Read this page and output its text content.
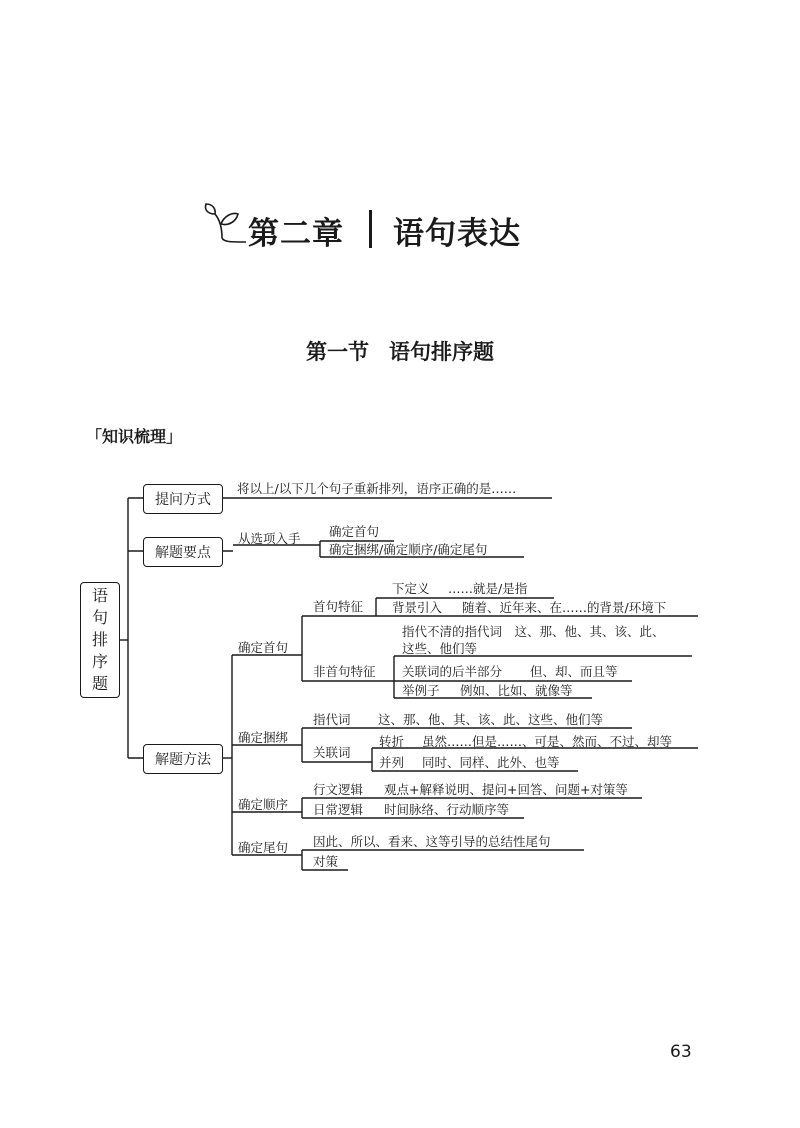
第二章 语句表达
第一节 语句排序题
「知识梳理」
语
句
排
序
题
提问方式
解题要点
解题方法
将以上/以下几个句子重新排列，语序正确的是……
从选项入手 确定首句
确定捆绑/确定顺序/确定尾句
确定首句
确定捆绑
确定顺序
确定尾句
首句特征
下定义 ……就是/是指
背景引入 随着、近年来、在……的背景/环境下
非首句特征
指代不清的指代词　这、那、他、其、该、此、
这些、他们等
关联词的后半部分 但、却、而且等
举例子 例如、比如、就像等
指代词 这、那、他、其、该、此、这些、他们等
关联词
转折 虽然……但是……、可是、然而、不过、却等
并列 同时、同样、此外、也等
行文逻辑 观点+解释说明、提问+回答、问题+对策等
日常逻辑 时间脉络、行动顺序等
因此、所以、看来、这等引导的总结性尾句
对策
63
